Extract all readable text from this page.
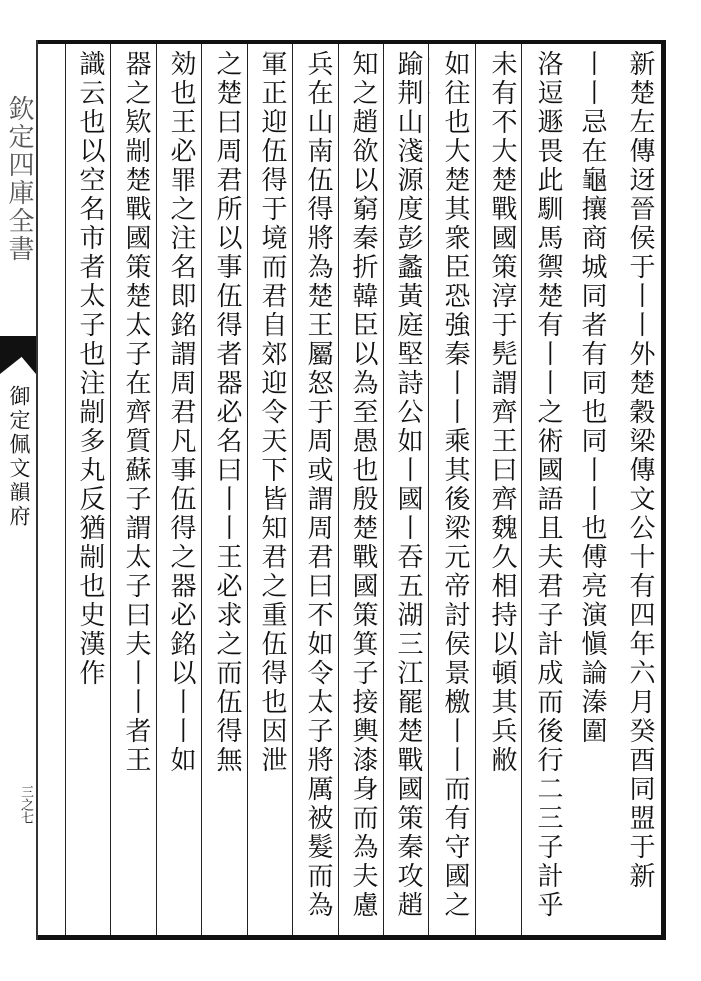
欽定四庫全書
御定佩文韻府
三之七	新楚左傳迓晉侯于丨丨外楚穀梁傳文公十有四年六月癸酉同盟于新
丨丨忌在龜攘商城同者有同也同丨丨也傅亮演愼論溱圍
洛逗遯畏此馴馬禦楚有丨丨之術國語且夫君子計成而後行二三子計乎
未有不大楚戰國策淳于髡謂齊王曰齊魏久相持以頓其兵敝
如往也大楚其衆臣恐強秦丨丨乘其後梁元帝討侯景檄丨丨而有守國之
踰荆山淺源度彭蠡黃庭堅詩公如丨國丨吞五湖三江罷楚戰國策秦攻趙
知之趙欲以窮秦折韓臣以為至愚也殷楚戰國策箕子接輿漆身而為夫慮
兵在山南伍得將為楚王屬怒于周或謂周君曰不如令太子將厲被髮而為
軍正迎伍得于境而君自郊迎令天下皆知君之重伍得也因泄
之楚曰周君所以事伍得者器必名曰丨丨王必求之而伍得無
効也王必罪之注名即銘謂周君凡事伍得之器必銘以丨丨如
器之欵剬楚戰國策楚太子在齊質蘇子謂太子曰夫丨丨者王
識云也以空名市者太子也注剬多丸反猶剬也史漢作
